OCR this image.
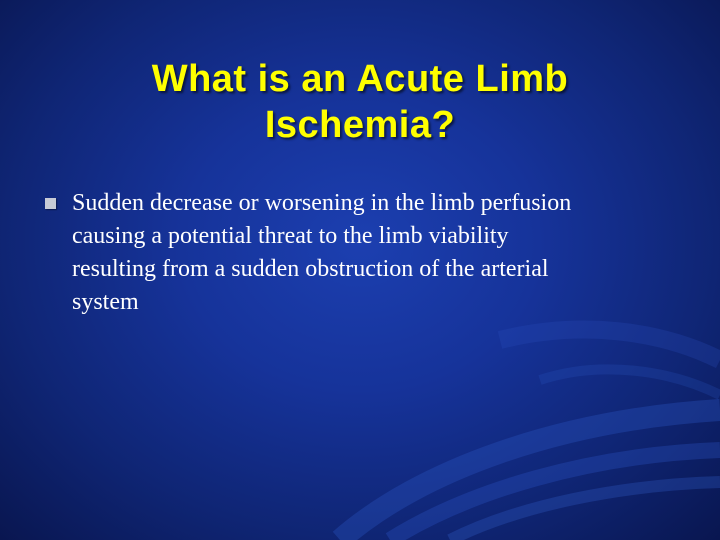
What is an Acute Limb
Ischemia?
Sudden decrease or worsening in the limb perfusion
causing a potential threat to the limb viability
resulting from a sudden obstruction of the arterial
system
